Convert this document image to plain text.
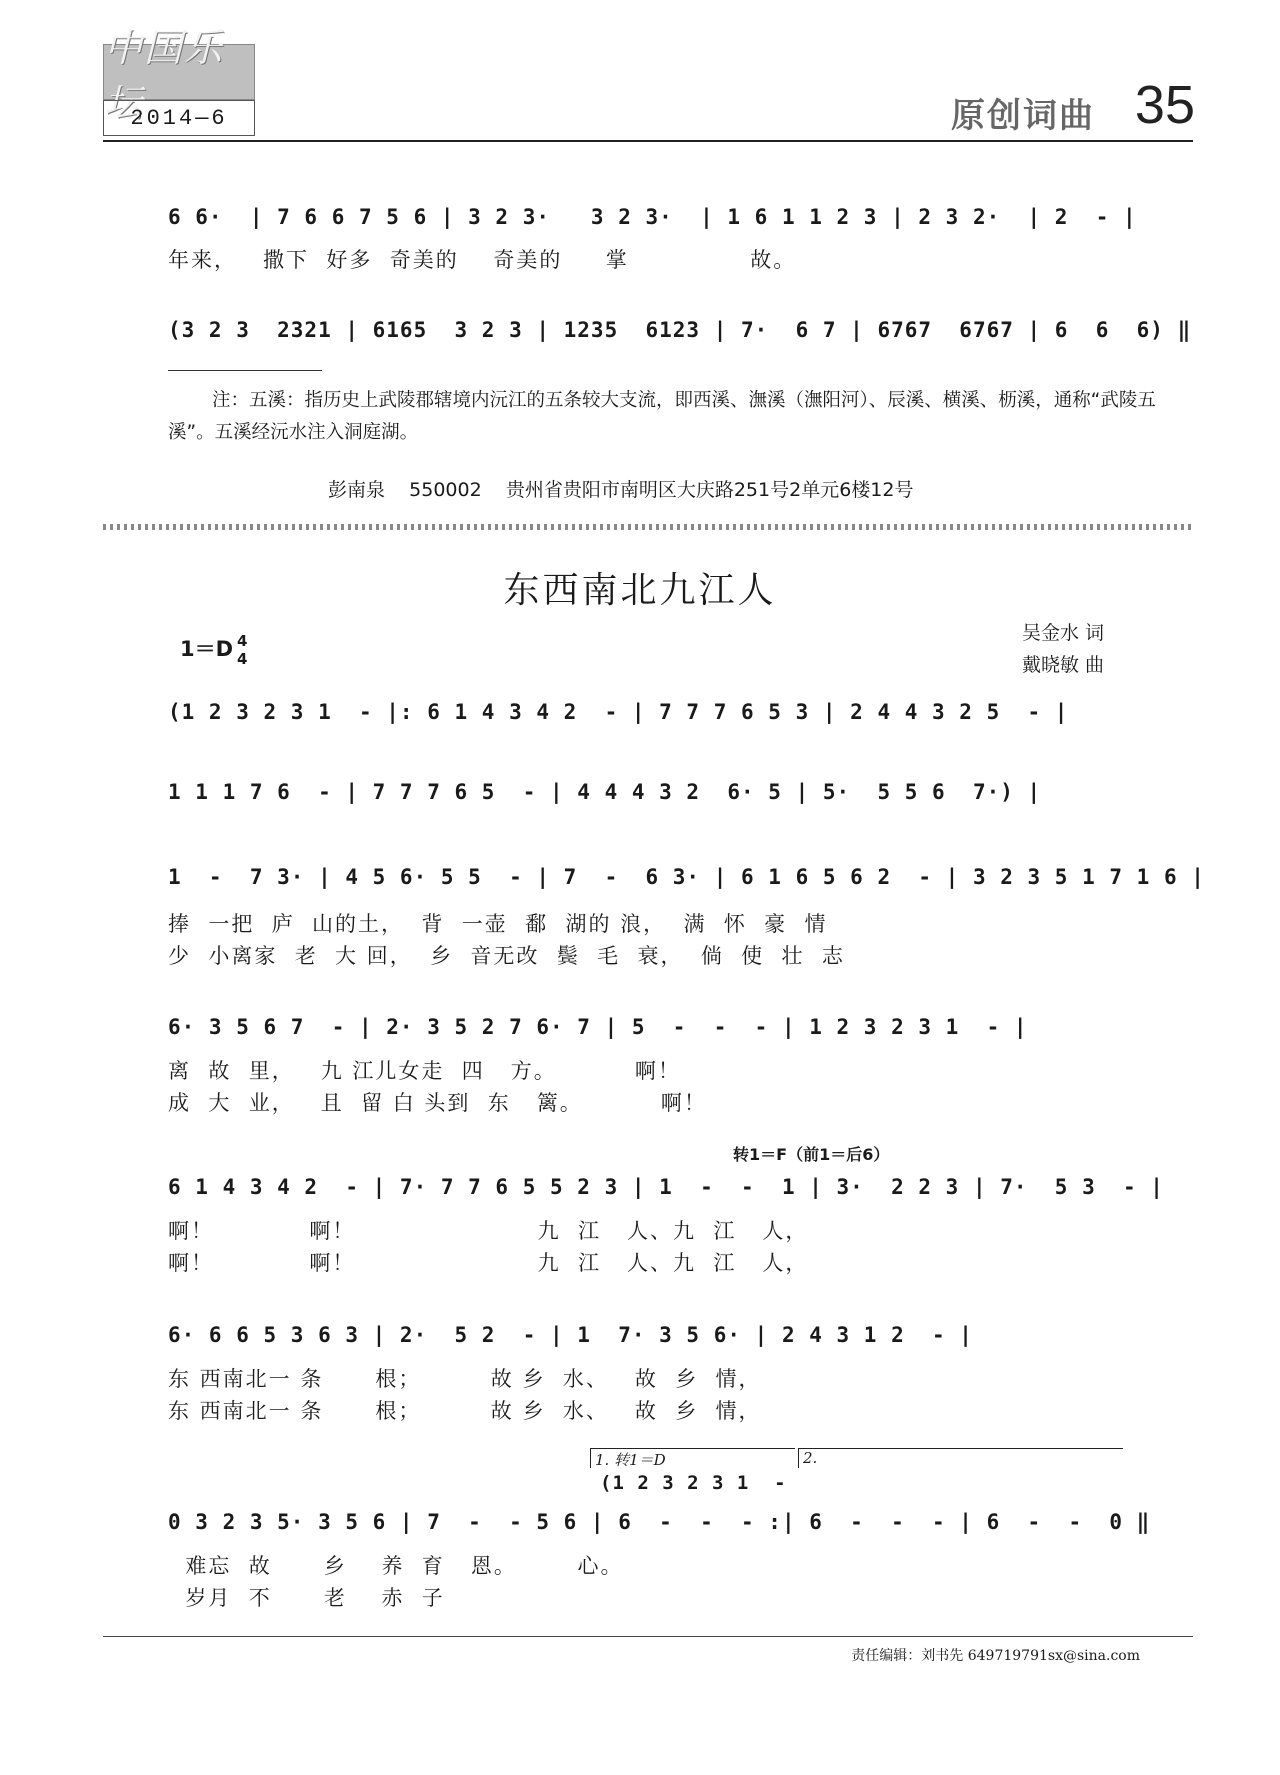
中国乐坛
2014—6	原创词曲 35
6 6·  | 7 6 6 7 5 6 | 3 2 3·   3 2 3·  | 1 6 1 1 2 3 | 2 3 2·  | 2  - |
年来，   撒下  好多  奇美的    奇美的     掌              故。
(3 2 3  2321 | 6165  3 2 3 | 1235  6123 | 7·  6 7 | 6767  6767 | 6  6  6) ‖
注：五溪：指历史上武陵郡辖境内沅江的五条较大支流，即西溪、潕溪（潕阳河）、辰溪、横溪、枥溪，通称“武陵五溪”。五溪经沅水注入洞庭湖。
彭南泉    550002    贵州省贵阳市南明区大庆路251号2单元6楼12号
东西南北九江人
1＝D 4
4
吴金水 词
戴晓敏 曲
(1 2 3 2 3 1  - |: 6 1 4 3 4 2  - | 7 7 7 6 5 3 | 2 4 4 3 2 5  - |
1 1 1 7 6  - | 7 7 7 6 5  - | 4 4 4 3 2  6· 5 | 5·  5 5 6  7·) |
1  -  7 3· | 4 5 6· 5 5  - | 7  -  6 3· | 6 1 6 5 6 2  - | 3 2 3 5 1 7 1 6 |
捧  一把  庐  山的土，  背  一壶  鄱  湖的 浪，  满  怀  豪  情
少  小离家  老  大 回，  乡  音无改  鬓  毛  衰，  倘  使  壮  志
6· 3 5 6 7  - | 2· 3 5 2 7 6· 7 | 5  -  -  - | 1 2 3 2 3 1  - |
离  故  里，   九 江儿女走  四   方。         啊！
成  大  业，   且  留 白 头到  东   篱。         啊！
转1＝F（前1＝后6）
6 1 4 3 4 2  - | 7· 7 7 6 5 5 2 3 | 1  -  -  1 | 3·  2 2 3 | 7·  5 3  - |
啊！           啊！                     九  江   人、九  江   人，
啊！           啊！                     九  江   人、九  江   人，
6· 6 6 5 3 6 3 | 2·  5 2  - | 1  7· 3 5 6· | 2 4 3 1 2  - |
东 西南北一 条      根；        故 乡  水、   故  乡  情，
东 西南北一 条      根；        故 乡  水、   故  乡  情，
1. 转1＝D	2.
(1 2 3 2 3 1  -
0 3 2 3 5· 3 5 6 | 7  -  - 5 6 | 6  -  -  - :| 6  -  -  - | 6  -  -  0 ‖
难忘  故      乡    养  育   恩。       心。
岁月  不      老    赤  子
责任编辑：刘书先 649719791sx@sina.com
